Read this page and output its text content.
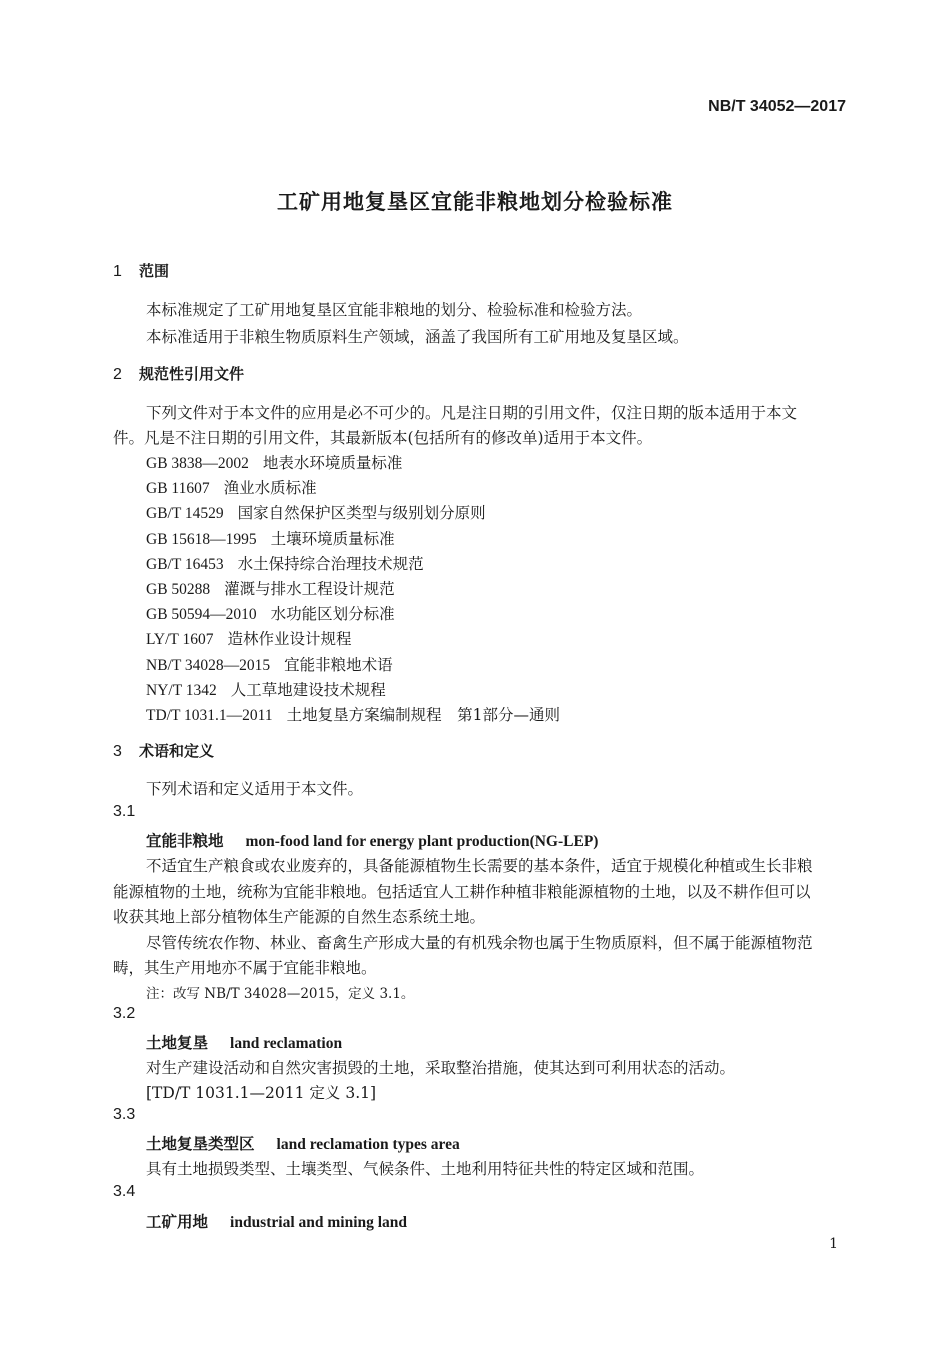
NB/T 34052—2017
工矿用地复垦区宜能非粮地划分检验标准
1 范围
本标准规定了工矿用地复垦区宜能非粮地的划分、检验标准和检验方法。
本标准适用于非粮生物质原料生产领域，涵盖了我国所有工矿用地及复垦区域。
2 规范性引用文件
下列文件对于本文件的应用是必不可少的。凡是注日期的引用文件，仅注日期的版本适用于本文
件。凡是不注日期的引用文件，其最新版本(包括所有的修改单)适用于本文件。
GB 3838—2002 地表水环境质量标准
GB 11607 渔业水质标准
GB/T 14529 国家自然保护区类型与级别划分原则
GB 15618—1995 土壤环境质量标准
GB/T 16453 水土保持综合治理技术规范
GB 50288 灌溉与排水工程设计规范
GB 50594—2010 水功能区划分标准
LY/T 1607 造林作业设计规程
NB/T 34028—2015 宜能非粮地术语
NY/T 1342 人工草地建设技术规程
TD/T 1031.1—2011 土地复垦方案编制规程　第1部分—通则
3 术语和定义
下列术语和定义适用于本文件。
3.1
宜能非粮地 mon-food land for energy plant production(NG-LEP)
不适宜生产粮食或农业废弃的，具备能源植物生长需要的基本条件，适宜于规模化种植或生长非粮
能源植物的土地，统称为宜能非粮地。包括适宜人工耕作种植非粮能源植物的土地，以及不耕作但可以
收获其地上部分植物体生产能源的自然生态系统土地。
尽管传统农作物、林业、畜禽生产形成大量的有机残余物也属于生物质原料，但不属于能源植物范
畴，其生产用地亦不属于宜能非粮地。
注：改写 NB/T 34028—2015，定义 3.1。
3.2
土地复垦 land reclamation
对生产建设活动和自然灾害损毁的土地，采取整治措施，使其达到可利用状态的活动。
[TD/T 1031.1—2011 定义 3.1]
3.3
土地复垦类型区 land reclamation types area
具有土地损毁类型、土壤类型、气候条件、土地利用特征共性的特定区域和范围。
3.4
工矿用地 industrial and mining land
1
